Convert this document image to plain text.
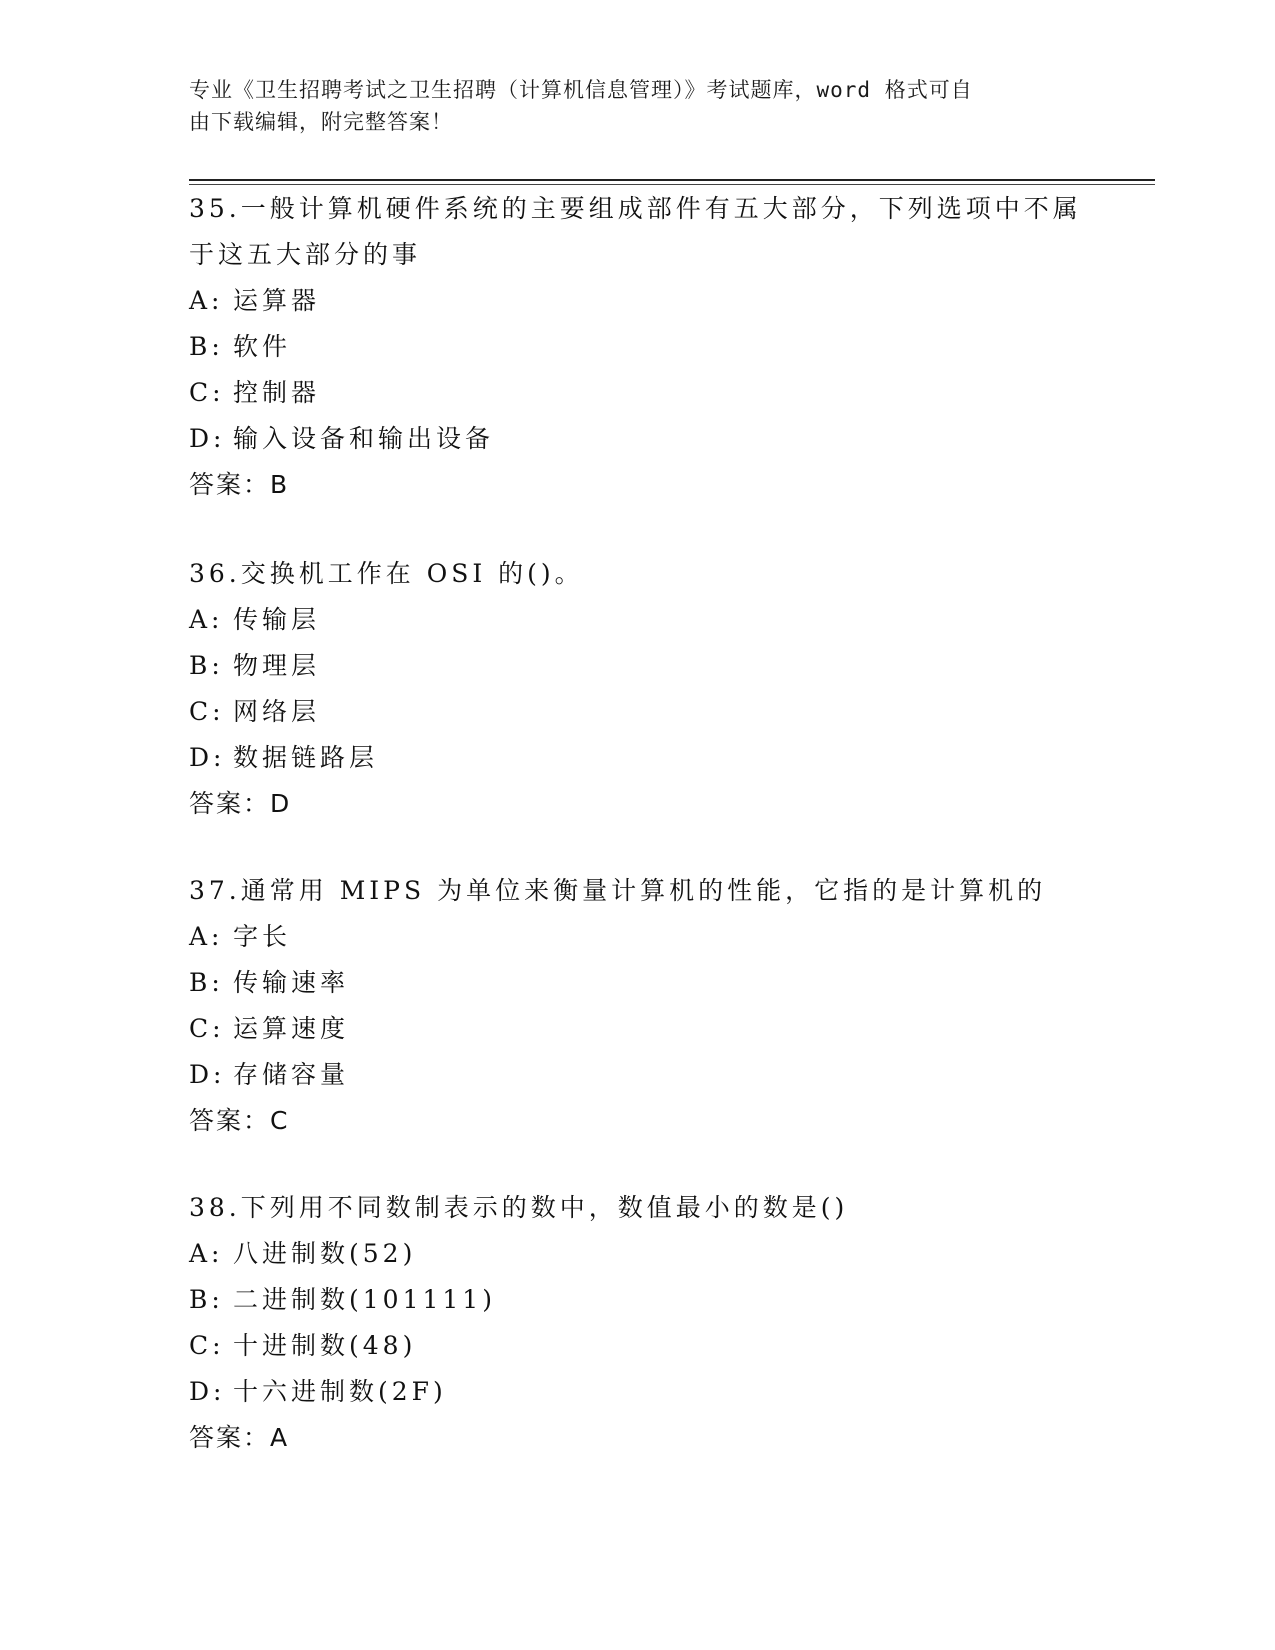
专业《卫生招聘考试之卫生招聘（计算机信息管理）》考试题库，word 格式可自
由下载编辑，附完整答案！
35.一般计算机硬件系统的主要组成部件有五大部分，下列选项中不属
于这五大部分的事
A: 运算器
B: 软件
C: 控制器
D: 输入设备和输出设备
答案：B
36.交换机工作在 OSI 的()。
A: 传输层
B: 物理层
C: 网络层
D: 数据链路层
答案：D
37.通常用 MIPS 为单位来衡量计算机的性能，它指的是计算机的
A: 字长
B: 传输速率
C: 运算速度
D: 存储容量
答案：C
38.下列用不同数制表示的数中，数值最小的数是()
A: 八进制数(52)
B: 二进制数(101111)
C: 十进制数(48)
D: 十六进制数(2F)
答案：A
